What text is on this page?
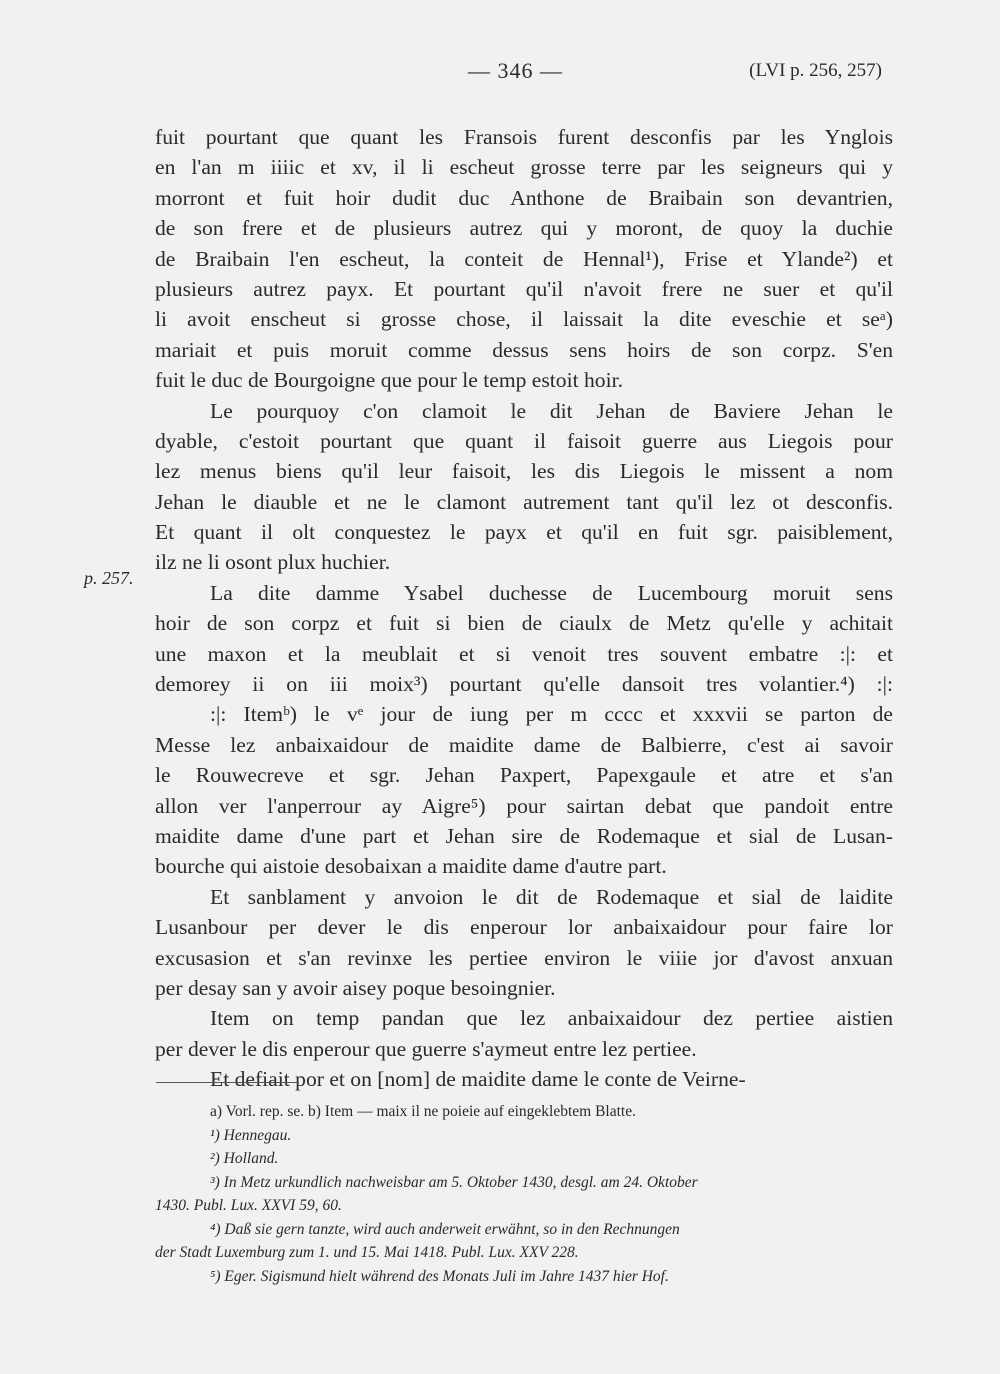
— 346 —	(LVI p. 256, 257)
p. 257.
fuit pourtant que quant les Fransois furent desconfis par les Ynglois
en l'an m iiiic et xv, il li escheut grosse terre par les seigneurs qui y
morront et fuit hoir dudit duc Anthone de Braibain son devantrien,
de son frere et de plusieurs autrez qui y moront, de quoy la duchie
de Braibain l'en escheut, la conteit de Hennal¹), Frise et Ylande²) et
plusieurs autrez payx. Et pourtant qu'il n'avoit frere ne suer et qu'il
li avoit enscheut si grosse chose, il laissait la dite eveschie et seᵃ)
mariait et puis moruit comme dessus sens hoirs de son corpz. S'en
fuit le duc de Bourgoigne que pour le temp estoit hoir.
Le pourquoy c'on clamoit le dit Jehan de Baviere Jehan le
dyable, c'estoit pourtant que quant il faisoit guerre aus Liegois pour
lez menus biens qu'il leur faisoit, les dis Liegois le missent a nom
Jehan le diauble et ne le clamont autrement tant qu'il lez ot desconfis.
Et quant il olt conquestez le payx et qu'il en fuit sgr. paisiblement,
ilz ne li osont plux huchier.
La dite damme Ysabel duchesse de Lucembourg moruit sens
hoir de son corpz et fuit si bien de ciaulx de Metz qu'elle y achitait
une maxon et la meublait et si venoit tres souvent embatre :|: et
demorey ii on iii moix³) pourtant qu'elle dansoit tres volantier.⁴) :|:
:|: Itemᵇ) le vᵉ jour de iung per m cccc et xxxvii se parton de
Messe lez anbaixaidour de maidite dame de Balbierre, c'est ai savoir
le Rouwecreve et sgr. Jehan Paxpert, Papexgaule et atre et s'an
allon ver l'anperrour ay Aigre⁵) pour sairtan debat que pandoit entre
maidite dame d'une part et Jehan sire de Rodemaque et sial de Lusan-
bourche qui aistoie desobaixan a maidite dame d'autre part.
Et sanblament y anvoion le dit de Rodemaque et sial de laidite
Lusanbour per dever le dis enperour lor anbaixaidour pour faire lor
excusasion et s'an revinxe les pertiee environ le viiie jor d'avost anxuan
per desay san y avoir aisey poque besoingnier.
Item on temp pandan que lez anbaixaidour dez pertiee aistien
per dever le dis enperour que guerre s'aymeut entre lez pertiee.
Et defiait por et on [nom] de maidite dame le conte de Veirne-
a) Vorl. rep. se. b) Item — maix il ne poieie auf eingeklebtem Blatte.
¹) Hennegau.
²) Holland.
³) In Metz urkundlich nachweisbar am 5. Oktober 1430, desgl. am 24. Oktober
1430. Publ. Lux. XXVI 59, 60.
⁴) Daß sie gern tanzte, wird auch anderweit erwähnt, so in den Rechnungen
der Stadt Luxemburg zum 1. und 15. Mai 1418. Publ. Lux. XXV 228.
⁵) Eger. Sigismund hielt während des Monats Juli im Jahre 1437 hier Hof.
